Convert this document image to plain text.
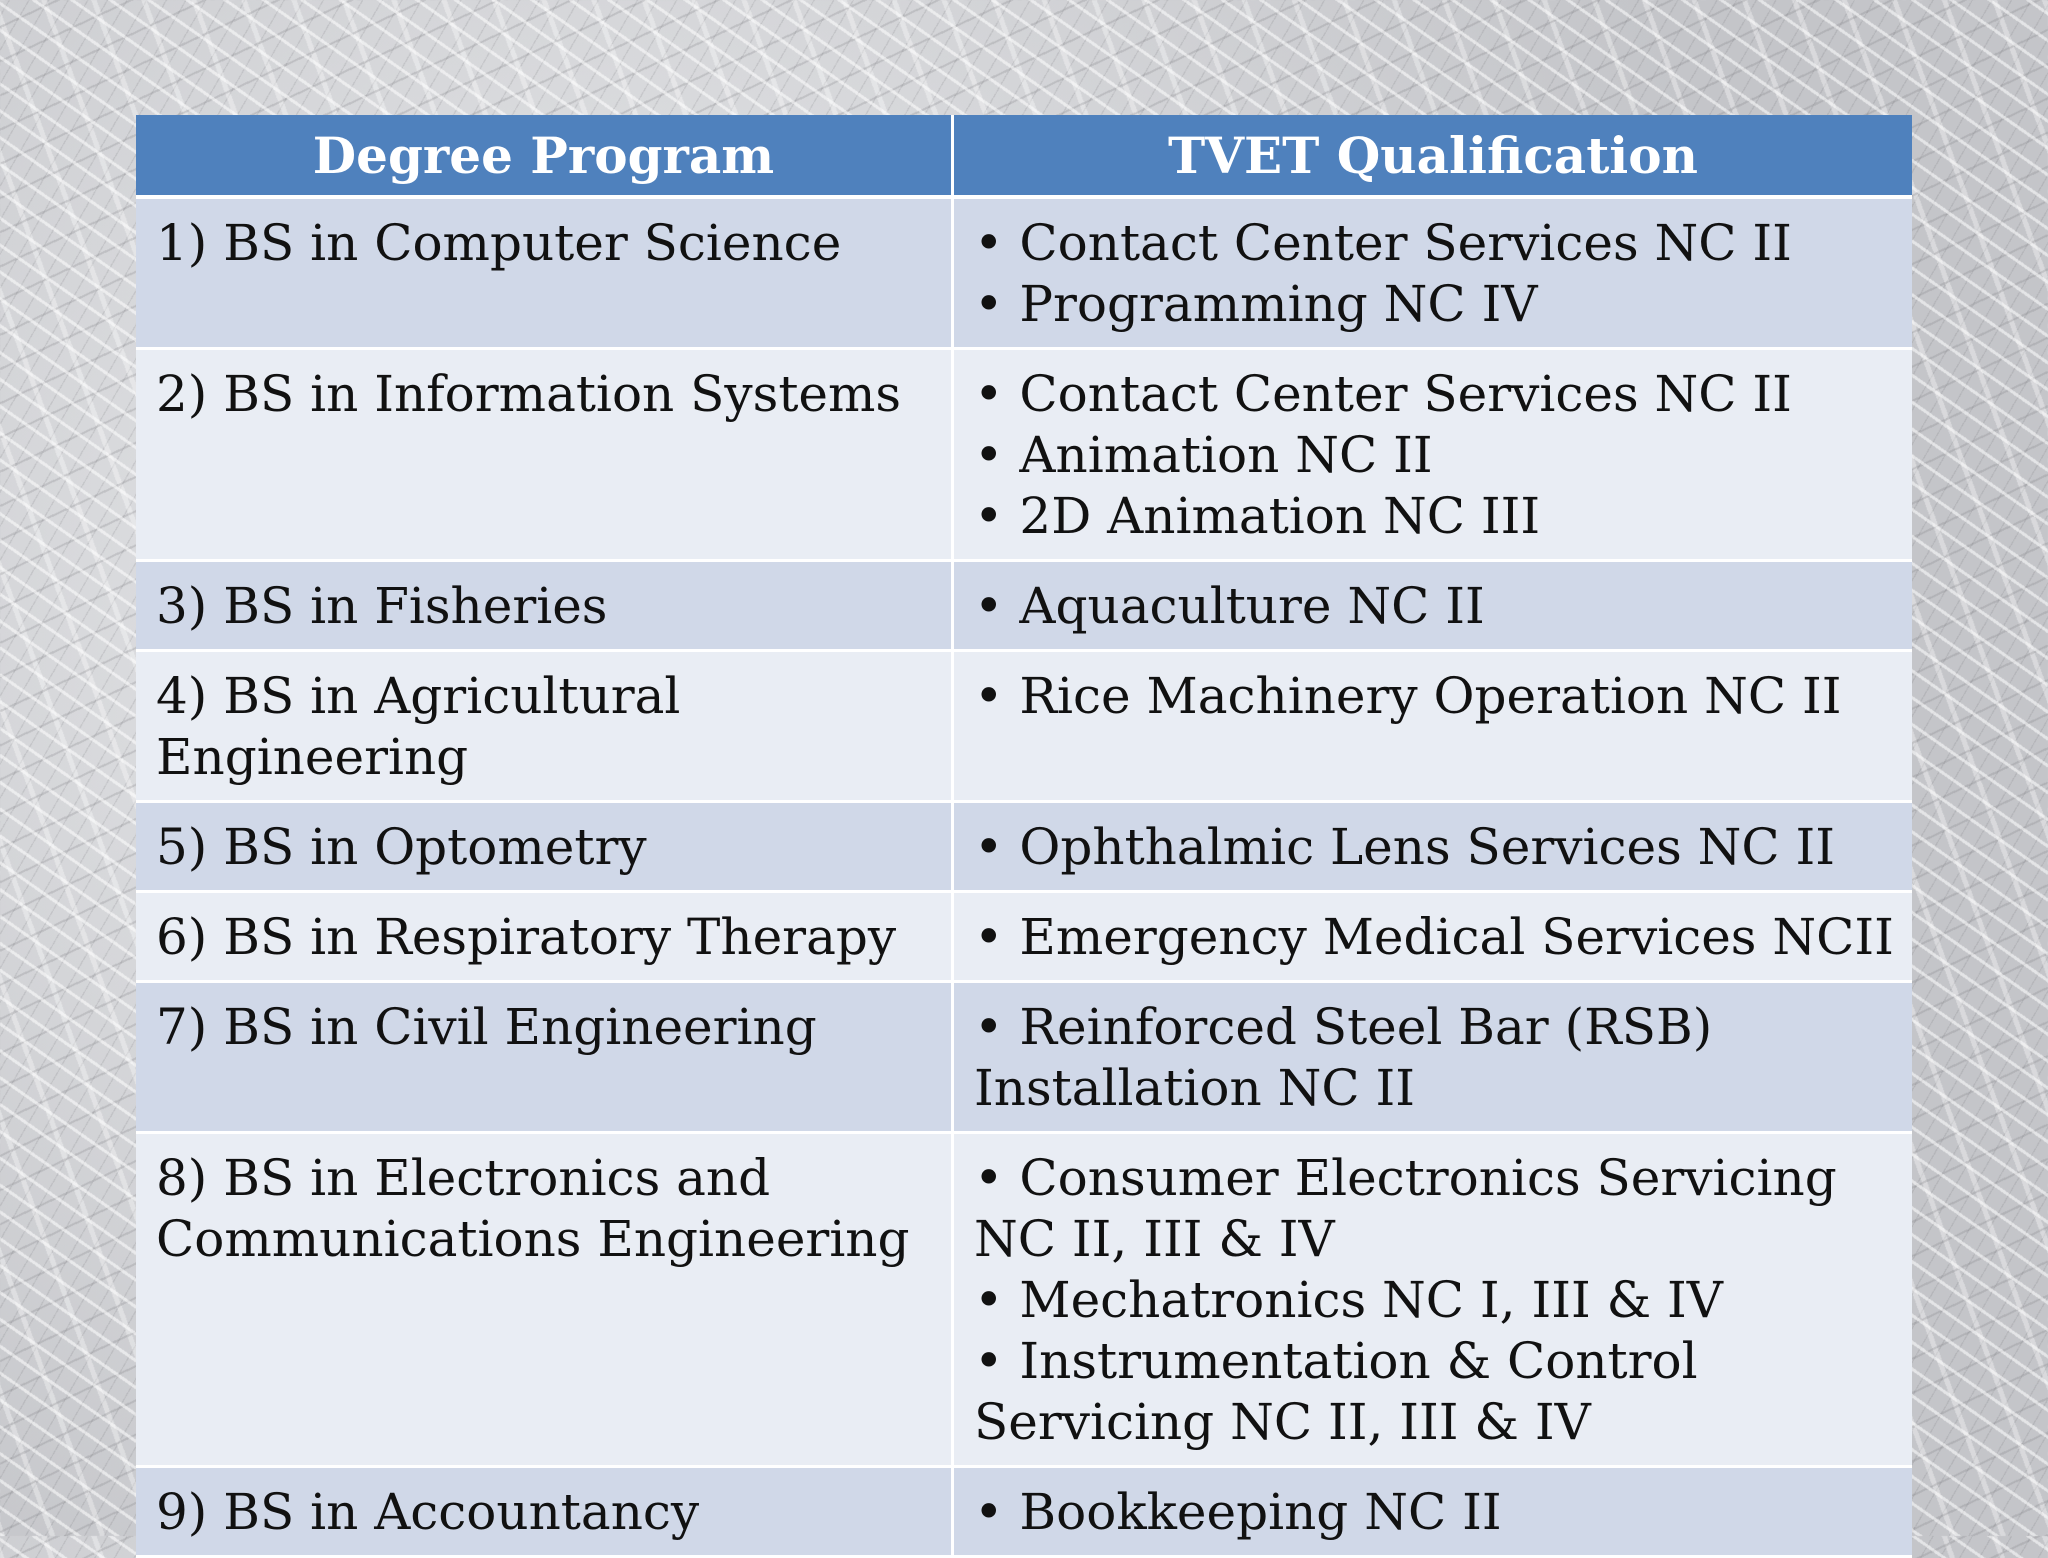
Degree Program	TVET Qualification
1) BS in Computer Science	• Contact Center Services NC II
• Programming NC IV

2) BS in Information Systems	• Contact Center Services NC II
• Animation NC II
• 2D Animation NC III

3) BS in Fisheries	• Aquaculture NC II

4) BS in Agricultural Engineering	• Rice Machinery Operation NC II

5) BS in Optometry	• Ophthalmic Lens Services NC II

6) BS in Respiratory Therapy	• Emergency Medical Services NCII

7) BS in Civil Engineering	• Reinforced Steel Bar (RSB) Installation NC II

8) BS in Electronics and Communications Engineering	• Consumer Electronics Servicing NC II, III & IV
• Mechatronics NC I, III & IV
• Instrumentation & Control Servicing NC II, III & IV

9) BS in Accountancy	• Bookkeeping NC II
